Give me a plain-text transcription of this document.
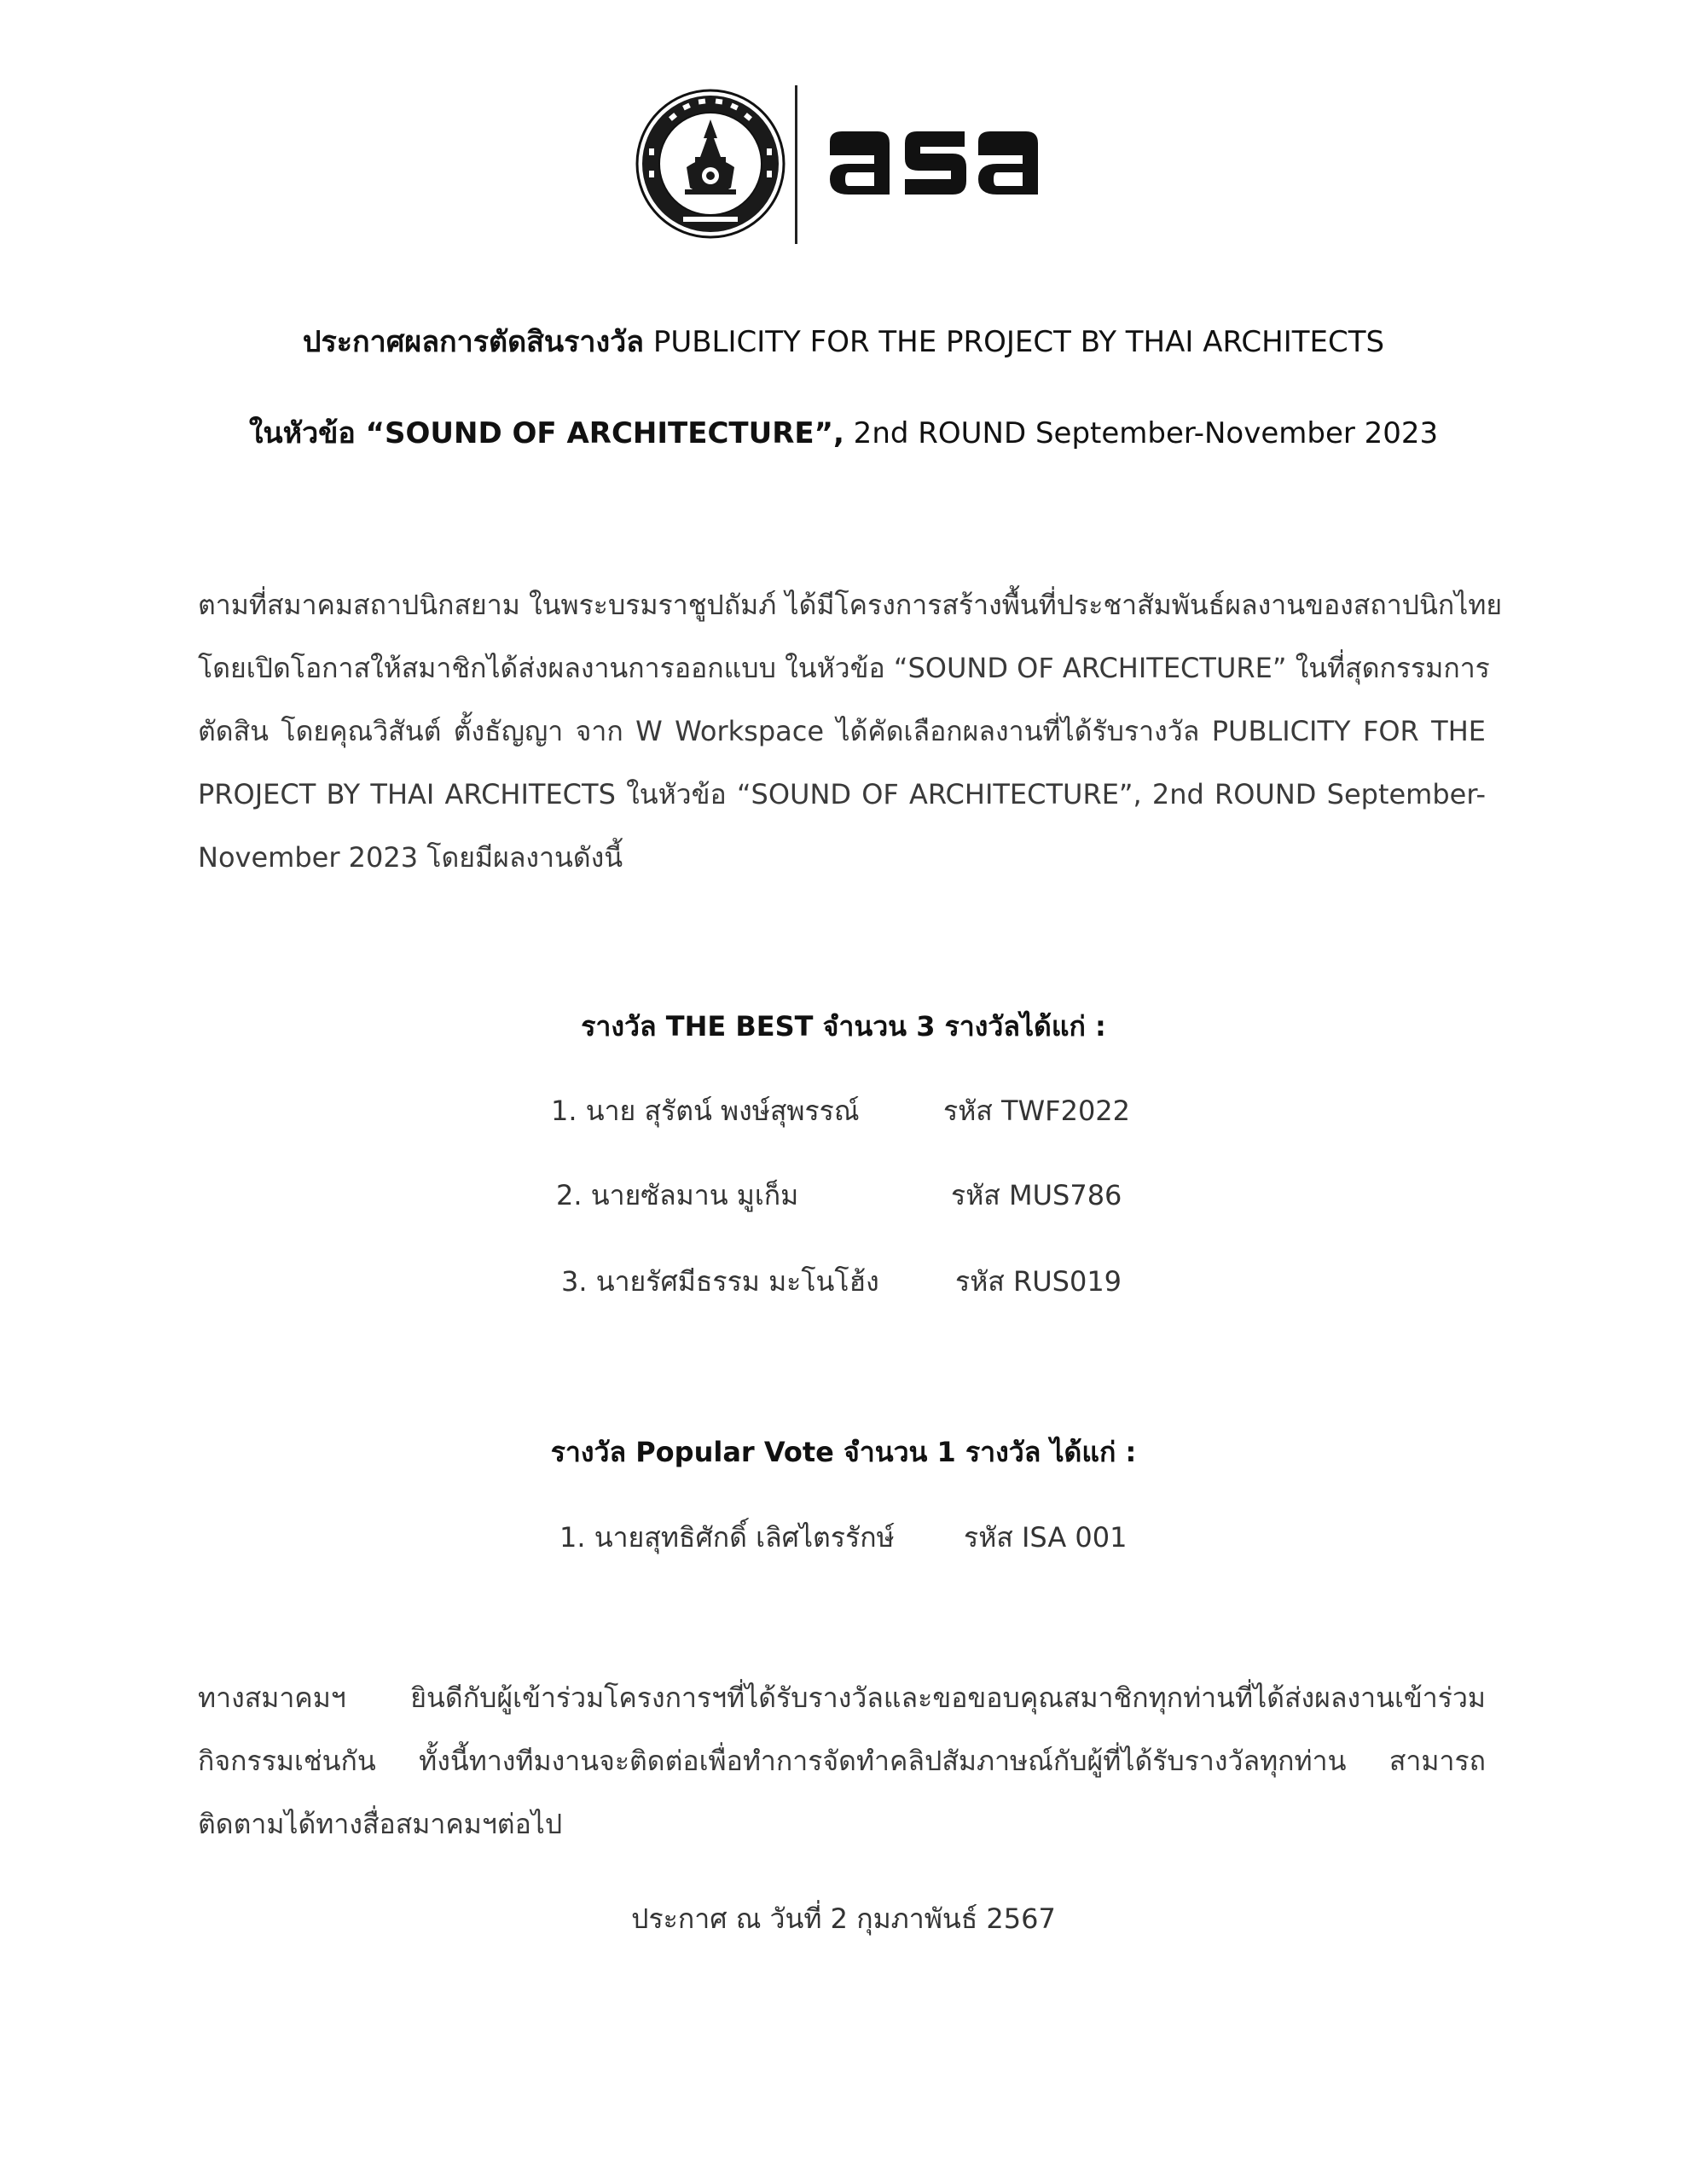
ประกาศผลการตัดสินรางวัล PUBLICITY FOR THE PROJECT BY THAI ARCHITECTS
ในหัวข้อ “SOUND OF ARCHITECTURE”, 2nd ROUND September-November 2023
ตามที่สมาคมสถาปนิกสยาม ในพระบรมราชูปถัมภ์ ได้มีโครงการสร้างพื้นที่ประชาสัมพันธ์ผลงานของสถาปนิกไทย
โดยเปิดโอกาสให้สมาชิกได้ส่งผลงานการออกแบบ ในหัวข้อ “SOUND OF ARCHITECTURE” ในที่สุดกรรมการ
ตัดสิน โดยคุณวิสันต์ ตั้งธัญญา จาก W Workspace ได้คัดเลือกผลงานที่ได้รับรางวัล PUBLICITY FOR THE
PROJECT BY THAI ARCHITECTS ในหัวข้อ “SOUND OF ARCHITECTURE”, 2nd ROUND September-
November 2023 โดยมีผลงานดังนี้
รางวัล THE BEST จำนวน 3 รางวัลได้แก่ :
1. นาย สุรัตน์ พงษ์สุพรรณ์	รหัส TWF2022
2. นายซัลมาน มูเก็ม	รหัส MUS786
3. นายรัศมีธรรม มะโนโฮ้ง	รหัส RUS019
รางวัล Popular Vote จำนวน 1 รางวัล ได้แก่ :
1. นายสุทธิศักดิ์ เลิศไตรรักษ์	รหัส ISA 001
ทางสมาคมฯ ยินดีกับผู้เข้าร่วมโครงการฯที่ได้รับรางวัลและขอขอบคุณสมาชิกทุกท่านที่ได้ส่งผลงานเข้าร่วม
กิจกรรมเช่นกัน ทั้งนี้ทางทีมงานจะติดต่อเพื่อทำการจัดทำคลิปสัมภาษณ์กับผู้ที่ได้รับรางวัลทุกท่าน สามารถ
ติดตามได้ทางสื่อสมาคมฯต่อไป
ประกาศ ณ วันที่ 2 กุมภาพันธ์ 2567
